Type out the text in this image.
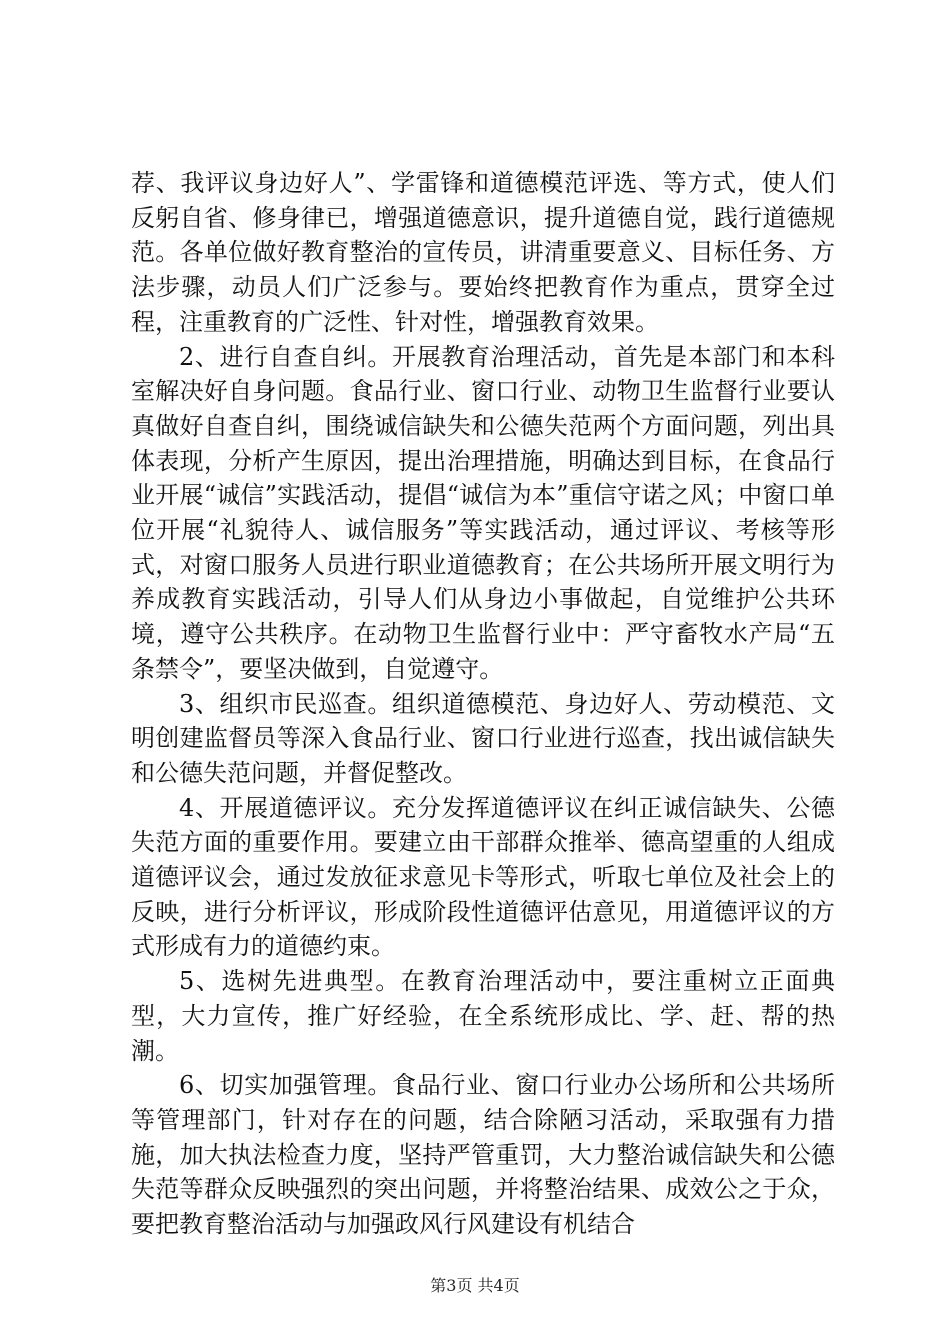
荐、我评议身边好人”、学雷锋和道德模范评选、等方式，使人们反躬自省、修身律已，增强道德意识，提升道德自觉，践行道德规范。各单位做好教育整治的宣传员，讲清重要意义、目标任务、方法步骤，动员人们广泛参与。要始终把教育作为重点，贯穿全过程，注重教育的广泛性、针对性，增强教育效果。

2、进行自查自纠。开展教育治理活动，首先是本部门和本科室解决好自身问题。食品行业、窗口行业、动物卫生监督行业要认真做好自查自纠，围绕诚信缺失和公德失范两个方面问题，列出具体表现，分析产生原因，提出治理措施，明确达到目标，在食品行业开展“诚信”实践活动，提倡“诚信为本”重信守诺之风；中窗口单位开展“礼貌待人、诚信服务”等实践活动，通过评议、考核等形式，对窗口服务人员进行职业道德教育；在公共场所开展文明行为养成教育实践活动，引导人们从身边小事做起，自觉维护公共环境，遵守公共秩序。在动物卫生监督行业中：严守畜牧水产局“五条禁令”，要坚决做到，自觉遵守。

3、组织市民巡查。组织道德模范、身边好人、劳动模范、文明创建监督员等深入食品行业、窗口行业进行巡查，找出诚信缺失和公德失范问题，并督促整改。

4、开展道德评议。充分发挥道德评议在纠正诚信缺失、公德失范方面的重要作用。要建立由干部群众推举、德高望重的人组成道德评议会，通过发放征求意见卡等形式，听取七单位及社会上的反映，进行分析评议，形成阶段性道德评估意见，用道德评议的方式形成有力的道德约束。

5、选树先进典型。在教育治理活动中，要注重树立正面典型，大力宣传，推广好经验，在全系统形成比、学、赶、帮的热潮。

6、切实加强管理。食品行业、窗口行业办公场所和公共场所等管理部门，针对存在的问题，结合除陋习活动，采取强有力措施，加大执法检查力度，坚持严管重罚，大力整治诚信缺失和公德失范等群众反映强烈的突出问题，并将整治结果、成效公之于众，要把教育整治活动与加强政风行风建设有机结合

第3页 共4页
